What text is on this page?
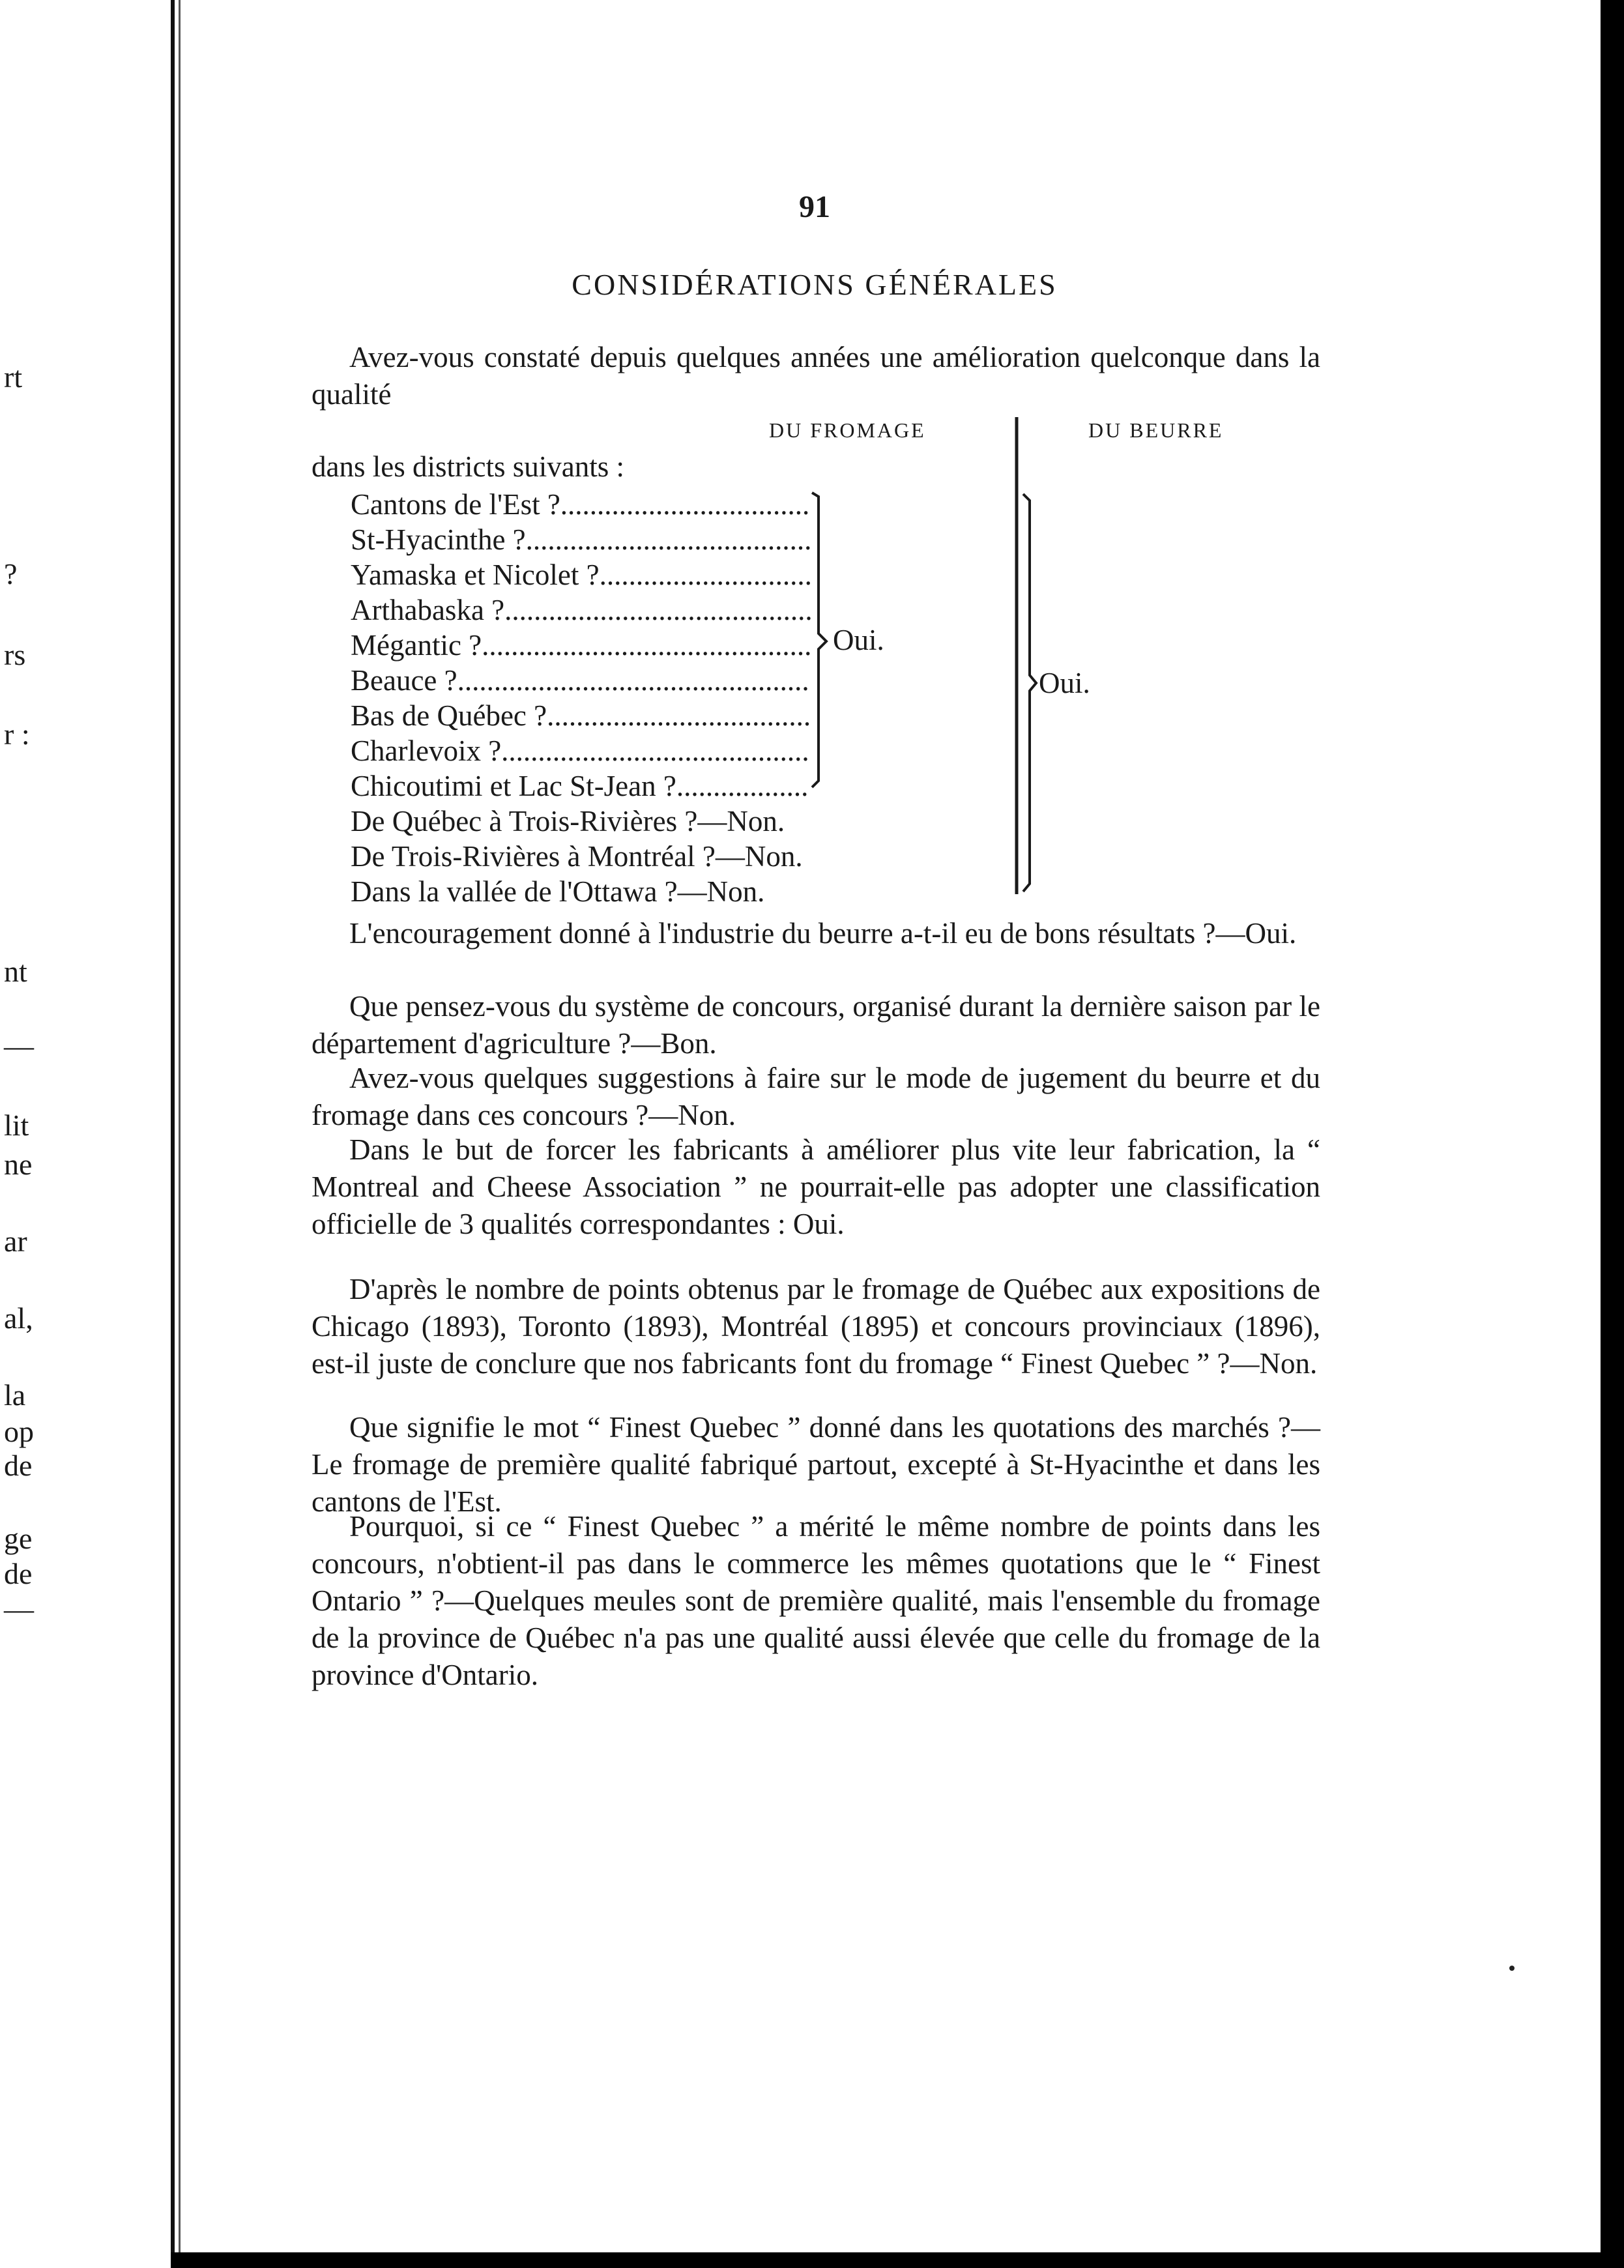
rt
?
rs
r :
nt
—
lit
ne
ar
al,
la
op
de
ge
de
—
91
CONSIDÉRATIONS GÉNÉRALES
Avez-vous constaté depuis quelques années une amélioration quelconque dans la qualité
DU FROMAGE	DU BEURRE
dans les districts suivants :
Cantons de l'Est ?..................................
St-Hyacinthe ?.......................................
Yamaska et Nicolet ?.............................
Arthabaska ?..........................................
Mégantic ?.............................................
Beauce ?................................................
Bas de Québec ?....................................
Charlevoix ?..........................................
Chicoutimi et Lac St-Jean ?..................
De Québec à Trois-Rivières ?—Non.
De Trois-Rivières à Montréal ?—Non.
Dans la vallée de l'Ottawa ?—Non.
Oui.
Oui.
L'encouragement donné à l'industrie du beurre a-t-il eu de bons résultats ?—Oui.
Que pensez-vous du système de concours, organisé durant la dernière saison par le département d'agriculture ?—Bon.
Avez-vous quelques suggestions à faire sur le mode de jugement du beurre et du fromage dans ces concours ?—Non.
Dans le but de forcer les fabricants à améliorer plus vite leur fabrication, la “ Montreal and Cheese Association ” ne pourrait-elle pas adopter une classification officielle de 3 qualités correspondantes : Oui.
D'après le nombre de points obtenus par le fromage de Québec aux expositions de Chicago (1893), Toronto (1893), Montréal (1895) et concours provinciaux (1896), est-il juste de conclure que nos fabricants font du fromage “ Finest Quebec ” ?—Non.
Que signifie le mot “ Finest Quebec ” donné dans les quotations des marchés ?—Le fromage de première qualité fabriqué partout, excepté à St-Hyacinthe et dans les cantons de l'Est.
Pourquoi, si ce “ Finest Quebec ” a mérité le même nombre de points dans les concours, n'obtient-il pas dans le commerce les mêmes quotations que le “ Finest Ontario ” ?—Quelques meules sont de première qualité, mais l'ensemble du fromage de la province de Québec n'a pas une qualité aussi élevée que celle du fromage de la province d'Ontario.
